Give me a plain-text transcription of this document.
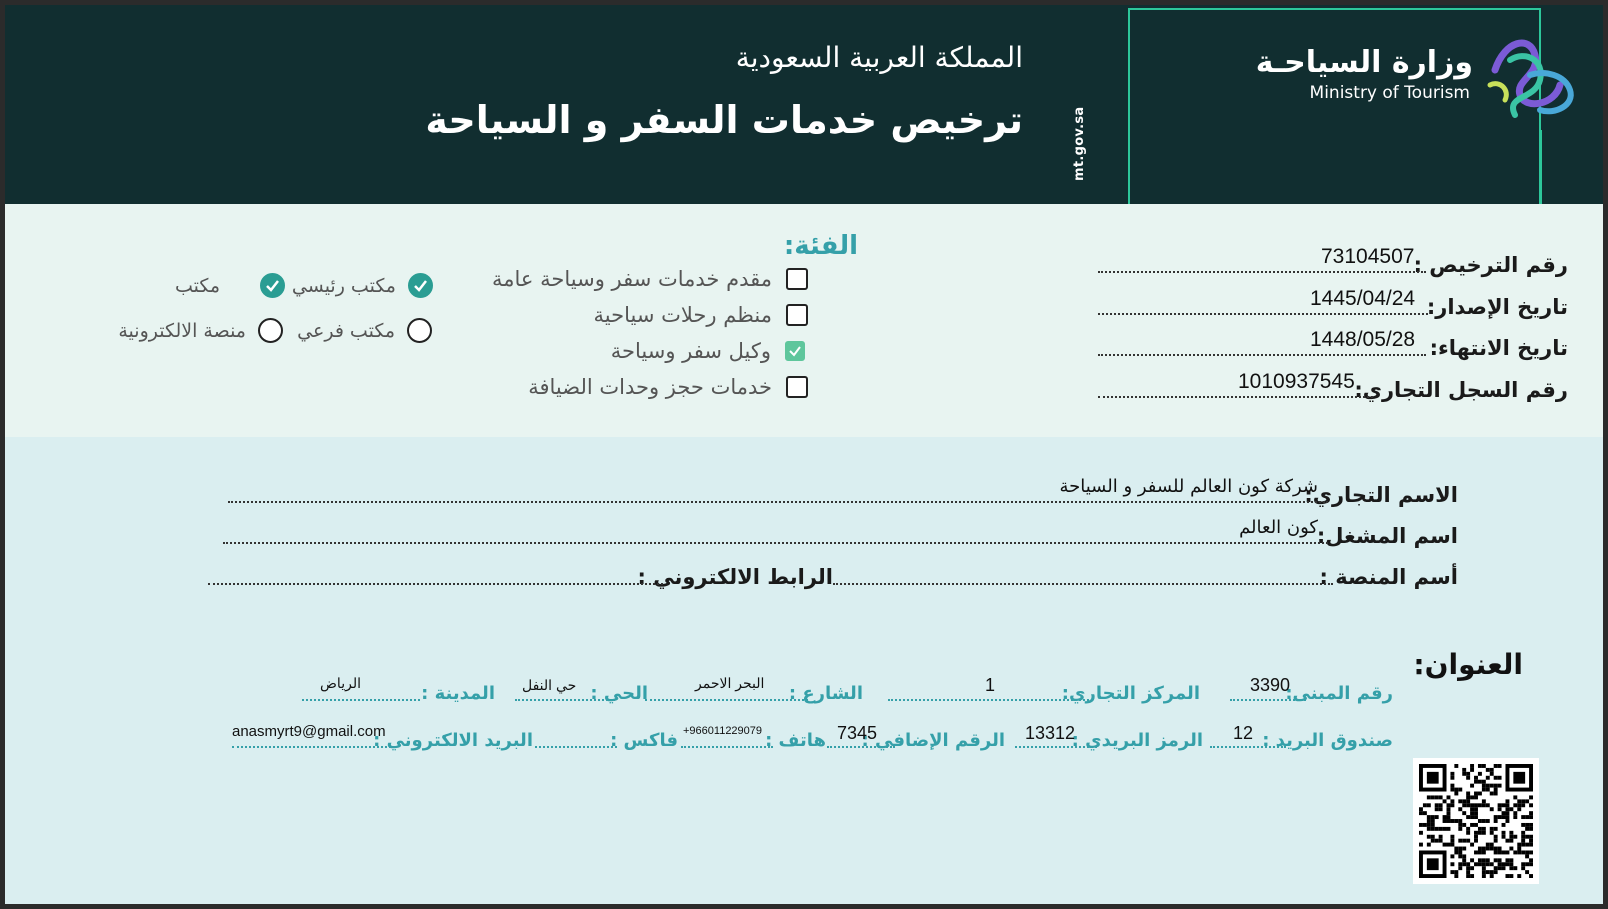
mt.gov.sa
وزارة السياحـة
Ministry of Tourism
المملكة العربية السعودية
ترخيص خدمات السفر و السياحة
رقم الترخيص :
73104507
تاريخ الإصدار:
1445/04/24
تاريخ الانتهاء:
1448/05/28
رقم السجل التجاري:
1010937545
الفئة:
مقدم خدمات سفر وسياحة عامة
منظم رحلات سياحية
وكيل سفر وسياحة
خدمات حجز وحدات الضيافة
مكتب رئيسي
مكتب
مكتب فرعي
منصة الالكترونية
الاسم التجاري:
شركة كون العالم للسفر و السياحة
اسم المشغل:
كون العالم
أسم المنصة :
الرابط الالكتروني :
العنوان:
رقم المبنى:
3390
المركز التجاري:
1
الشارع :
البحر الاحمر
الحي :
حي النفل
المدينة :
الرياض
صندوق البريد :
12
الرمز البريدي :
13312
الرقم الإضافي :
7345
هاتف :
+966011229079
فاكس :
البريد الالكتروني :
anasmyrt9@gmail.com
